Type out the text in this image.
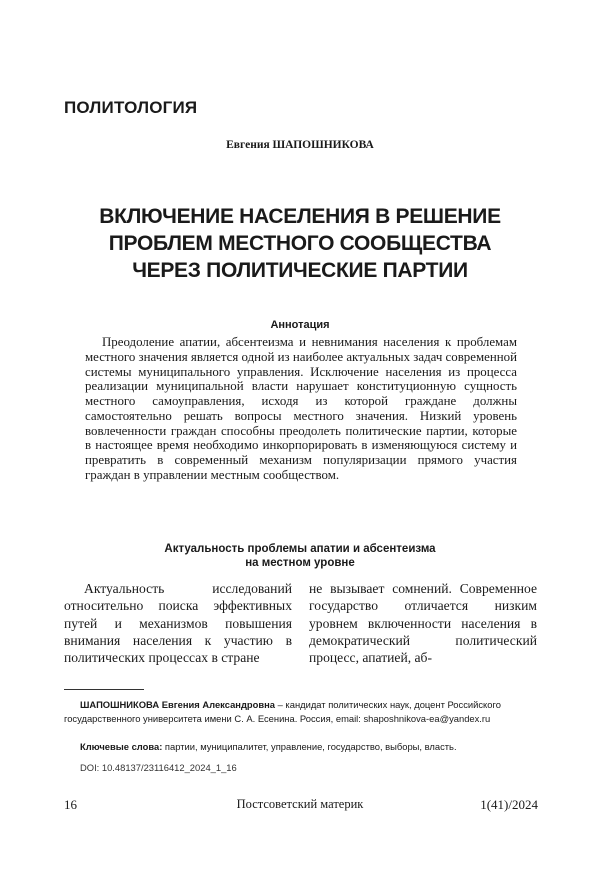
ПОЛИТОЛОГИЯ
Евгения ШАПОШНИКОВА
ВКЛЮЧЕНИЕ НАСЕЛЕНИЯ В РЕШЕНИЕ
ПРОБЛЕМ МЕСТНОГО СООБЩЕСТВА
ЧЕРЕЗ ПОЛИТИЧЕСКИЕ ПАРТИИ
Аннотация

Преодоление апатии, абсентеизма и невнимания населения к проблемам местного значения является одной из наиболее актуальных задач современной системы муниципального управления. Исключение населения из процесса реализации муниципальной власти нарушает конституционную сущность местного самоуправления, исходя из которой граждане должны самостоятельно решать вопросы местного значения. Низкий уровень вовлеченности граждан способны преодолеть политические партии, которые в настоящее время необходимо инкорпорировать в изменяющуюся систему и превратить в современный механизм популяризации прямого участия граждан в управлении местным сообществом.

Актуальность проблемы апатии и абсентеизма
на местном уровне

Актуальность исследований относительно поиска эффективных путей и механизмов повышения внимания населения к участию в политических процессах в стране

не вызывает сомнений. Современное государство отличается низким уровнем включенности населения в демократический политический процесс, апатией, аб-

ШАПОШНИКОВА Евгения Александровна – кандидат политических наук, доцент Российского государственного университета имени С. А. Есенина. Россия, email: shaposhnikova-ea@yandex.ru

Ключевые слова: партии, муниципалитет, управление, государство, выборы, власть.
DOI: 10.48137/23116412_2024_1_16
16	Постсоветский материк	1(41)/2024
